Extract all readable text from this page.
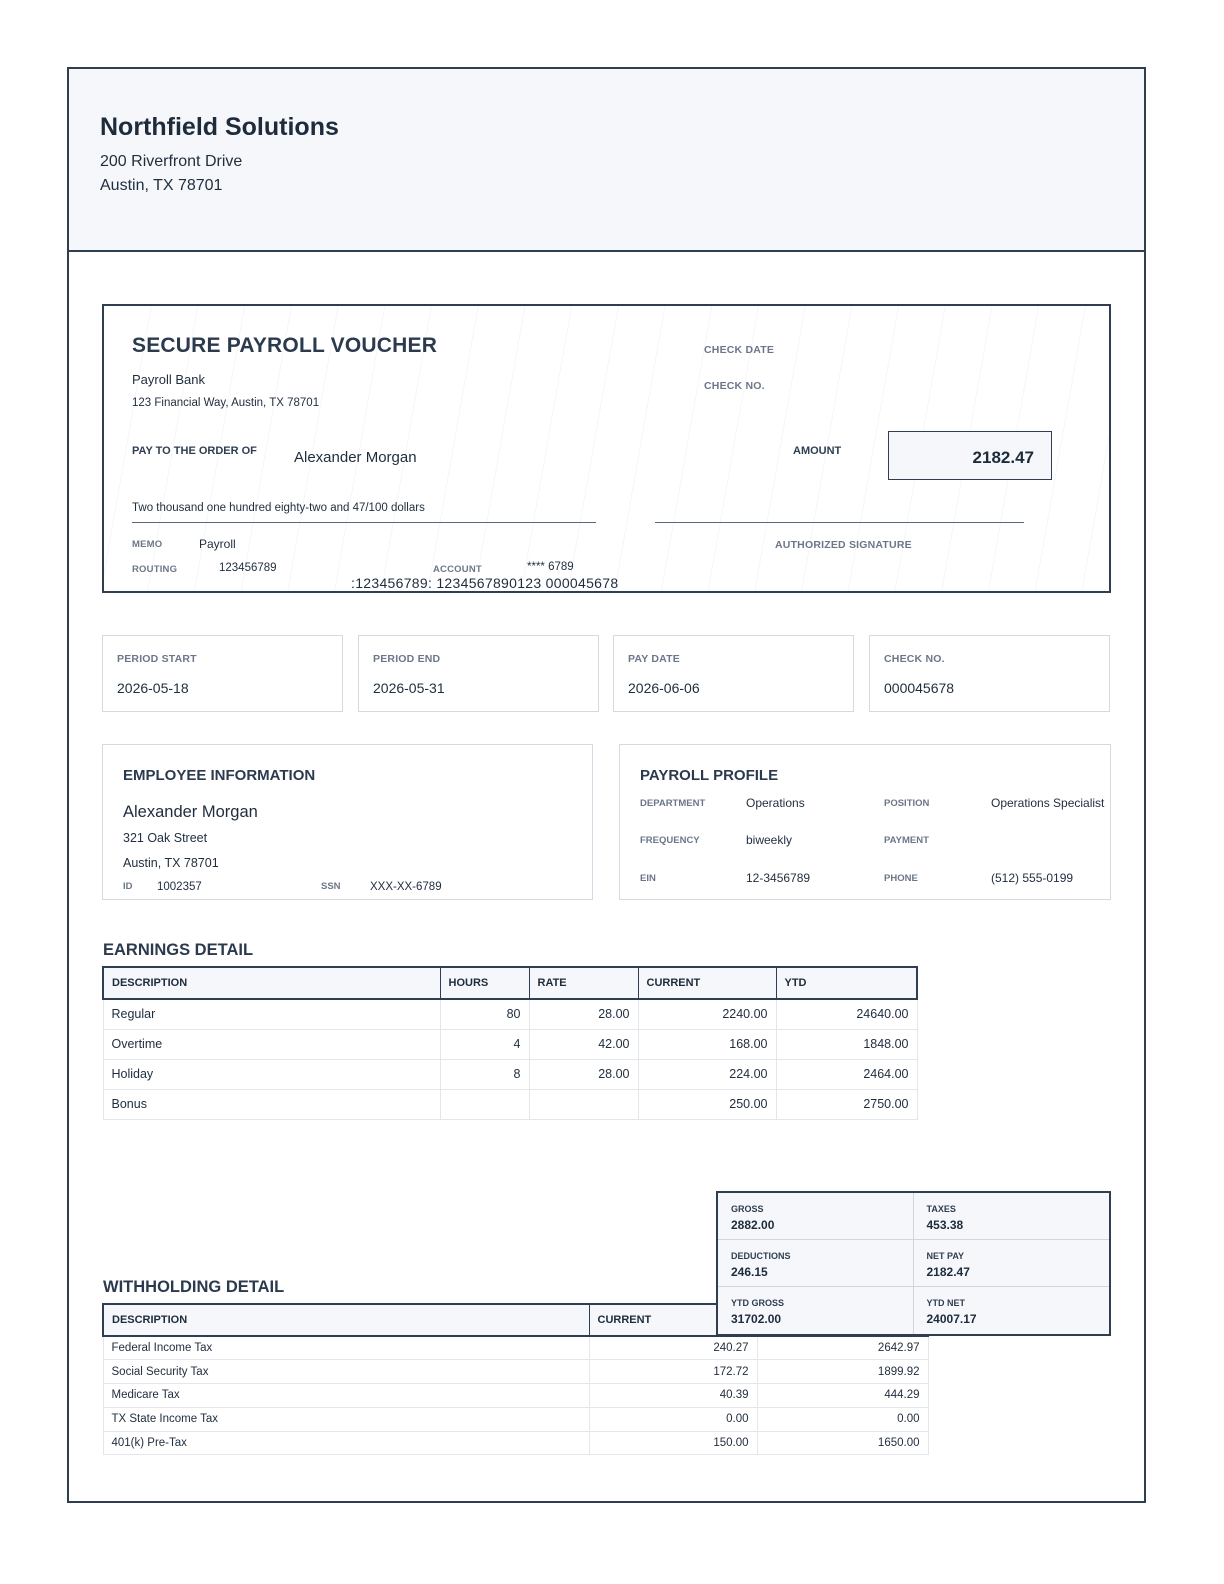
Northfield Solutions
200 Riverfront Drive
Austin, TX 78701
SECURE PAYROLL VOUCHER
Payroll Bank
123 Financial Way, Austin, TX 78701
CHECK DATE
CHECK NO.
PAY TO THE ORDER OF Alexander Morgan	AMOUNT	2182.47
Two thousand one hundred eighty-two and 47/100 dollars
AUTHORIZED SIGNATURE
MEMO	Payroll
ROUTING	123456789	ACCOUNT	**** 6789
:123456789: 1234567890123 000045678
PERIOD START
2026-05-18
PERIOD END
2026-05-31
PAY DATE
2026-06-06
CHECK NO.
000045678
EMPLOYEE INFORMATION
Alexander Morgan
321 Oak Street
Austin, TX 78701
ID 1002357	SSN	XXX-XX-6789
PAYROLL PROFILE
DEPARTMENT	Operations	POSITION	Operations Specialist
FREQUENCY	biweekly	PAYMENT
EIN	12-3456789	PHONE	(512) 555-0199
EARNINGS DETAIL
DESCRIPTION	HOURS	RATE	CURRENT	YTD
Regular	80	28.00	2240.00	24640.00
Overtime	4	42.00	168.00	1848.00
Holiday	8	28.00	224.00	2464.00
Bonus			250.00	2750.00
WITHHOLDING DETAIL
DESCRIPTION	CURRENT	
Federal Income Tax	240.27	2642.97
Social Security Tax	172.72	1899.92
Medicare Tax	40.39	444.29
TX State Income Tax	0.00	0.00
401(k) Pre-Tax	150.00	1650.00
GROSS
2882.00
TAXES
453.38
DEDUCTIONS
246.15
NET PAY
2182.47
YTD GROSS
31702.00
YTD NET
24007.17
